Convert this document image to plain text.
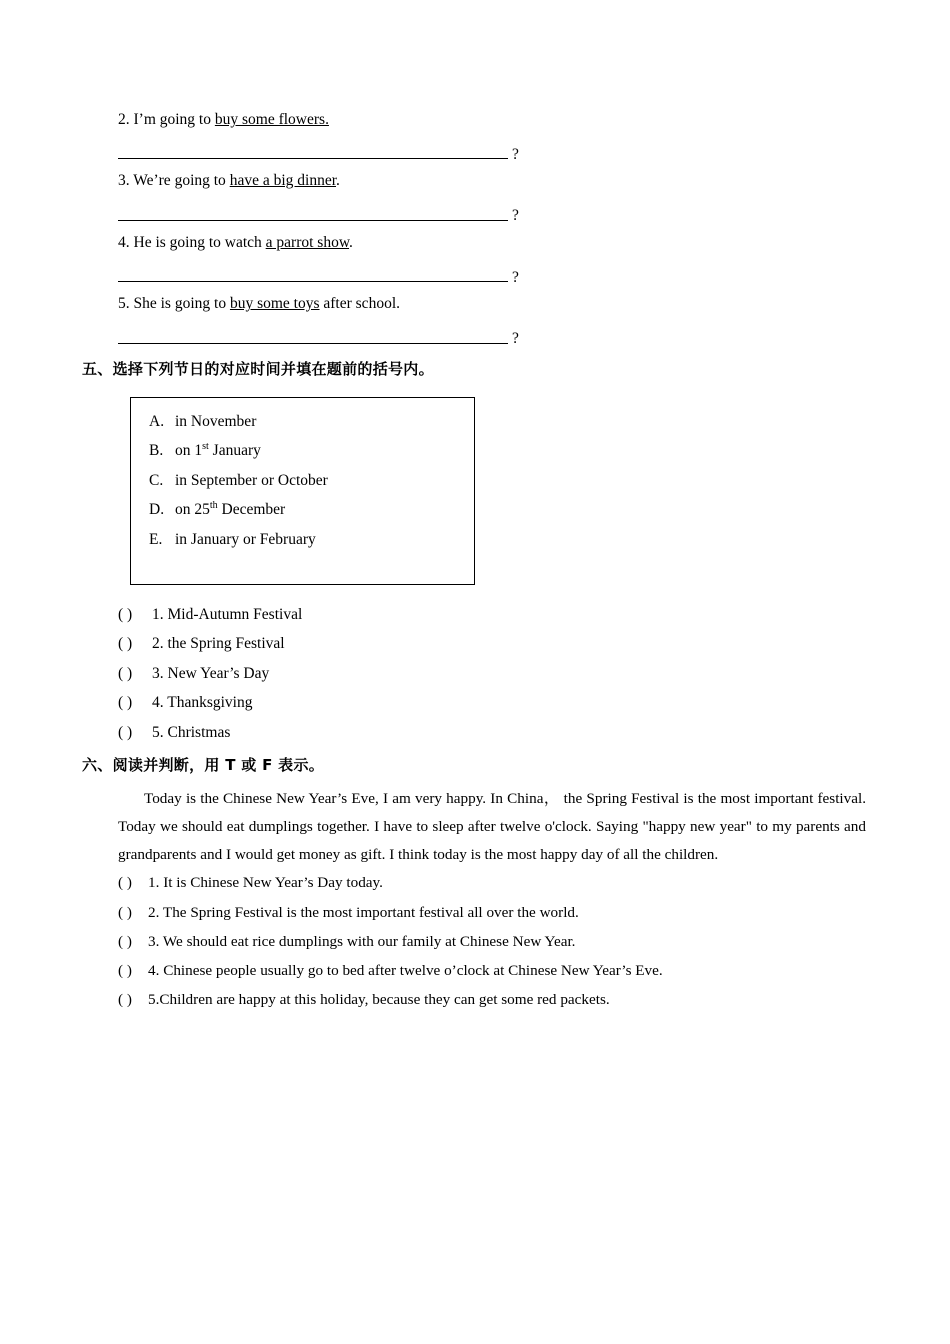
2. I’m going to buy some flowers.
?
3. We’re going to have a big dinner.
?
4. He is going to watch a parrot show.
?
5. She is going to buy some toys after school.
?
五、选择下列节日的对应时间并填在题前的括号内。
A. in November
B. on 1st January
C. in September or October
D. on 25th December
E. in January or February
( ) 1. Mid-Autumn Festival
( ) 2. the Spring Festival
( ) 3. New Year’s Day
( ) 4. Thanksgiving
( ) 5. Christmas
六、阅读并判断，用 T 或 F 表示。
Today is the Chinese New Year’s Eve, I am very happy. In China， the Spring Festival is the most important festival. Today we should eat dumplings together. I have to sleep after twelve o'clock. Saying "happy new year" to my parents and grandparents and I would get money as gift. I think today is the most happy day of all the children.
( ) 1. It is Chinese New Year’s Day today.
( ) 2. The Spring Festival is the most important festival all over the world.
( ) 3. We should eat rice dumplings with our family at Chinese New Year.
( ) 4. Chinese people usually go to bed after twelve o’clock at Chinese New Year’s Eve.
( ) 5.Children are happy at this holiday, because they can get some red packets.
